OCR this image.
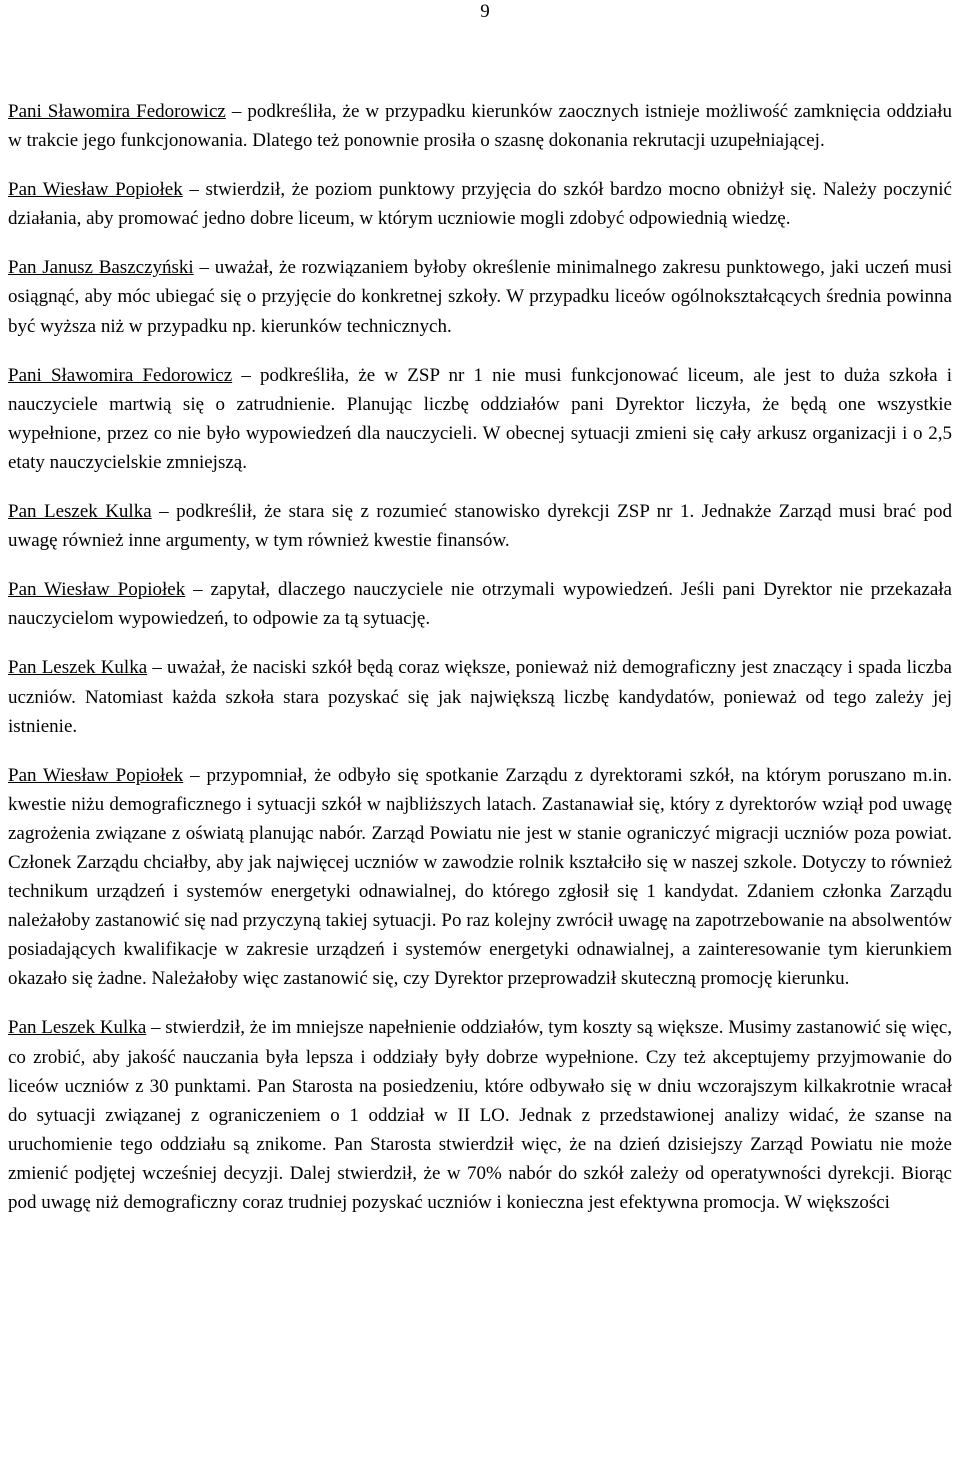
9

Pani Sławomira Fedorowicz – podkreśliła, że w przypadku kierunków zaocznych istnieje możliwość zamknięcia oddziału w trakcie jego funkcjonowania. Dlatego też ponownie prosiła o szasnę dokonania rekrutacji uzupełniającej.

Pan Wiesław Popiołek – stwierdził, że poziom punktowy przyjęcia do szkół bardzo mocno obniżył się. Należy poczynić działania, aby promować jedno dobre liceum, w którym uczniowie mogli zdobyć odpowiednią wiedzę.

Pan Janusz Baszczyński – uważał, że rozwiązaniem byłoby określenie minimalnego zakresu punktowego, jaki uczeń musi osiągnąć, aby móc ubiegać się o przyjęcie do konkretnej szkoły. W przypadku liceów ogólnokształcących średnia powinna być wyższa niż w przypadku np. kierunków technicznych.

Pani Sławomira Fedorowicz – podkreśliła, że w ZSP nr 1 nie musi funkcjonować liceum, ale jest to duża szkoła i nauczyciele martwią się o zatrudnienie. Planując liczbę oddziałów pani Dyrektor liczyła, że będą one wszystkie wypełnione, przez co nie było wypowiedzeń dla nauczycieli. W obecnej sytuacji zmieni się cały arkusz organizacji i o 2,5 etaty nauczycielskie zmniejszą.

Pan Leszek Kulka – podkreślił, że stara się z rozumieć stanowisko dyrekcji ZSP nr 1. Jednakże Zarząd musi brać pod uwagę również inne argumenty, w tym również kwestie finansów.

Pan Wiesław Popiołek – zapytał, dlaczego nauczyciele nie otrzymali wypowiedzeń. Jeśli pani Dyrektor nie przekazała nauczycielom wypowiedzeń, to odpowie za tą sytuację.

Pan Leszek Kulka – uważał, że naciski szkół będą coraz większe, ponieważ niż demograficzny jest znaczący i spada liczba uczniów. Natomiast każda szkoła stara pozyskać się jak największą liczbę kandydatów, ponieważ od tego zależy jej istnienie.

Pan Wiesław Popiołek – przypomniał, że odbyło się spotkanie Zarządu z dyrektorami szkół, na którym poruszano m.in. kwestie niżu demograficznego i sytuacji szkół w najbliższych latach. Zastanawiał się, który z dyrektorów wziął pod uwagę zagrożenia związane z oświatą planując nabór. Zarząd Powiatu nie jest w stanie ograniczyć migracji uczniów poza powiat. Członek Zarządu chciałby, aby jak najwięcej uczniów w zawodzie rolnik kształciło się w naszej szkole. Dotyczy to również technikum urządzeń i systemów energetyki odnawialnej, do którego zgłosił się 1 kandydat. Zdaniem członka Zarządu należałoby zastanowić się nad przyczyną takiej sytuacji. Po raz kolejny zwrócił uwagę na zapotrzebowanie na absolwentów posiadających kwalifikacje w zakresie urządzeń i systemów energetyki odnawialnej, a zainteresowanie tym kierunkiem okazało się żadne. Należałoby więc zastanowić się, czy Dyrektor przeprowadził skuteczną promocję kierunku.

Pan Leszek Kulka – stwierdził, że im mniejsze napełnienie oddziałów, tym koszty są większe. Musimy zastanowić się więc, co zrobić, aby jakość nauczania była lepsza i oddziały były dobrze wypełnione. Czy też akceptujemy przyjmowanie do liceów uczniów z 30 punktami. Pan Starosta na posiedzeniu, które odbywało się w dniu wczorajszym kilkakrotnie wracał do sytuacji związanej z ograniczeniem o 1 oddział w II LO. Jednak z przedstawionej analizy widać, że szanse na uruchomienie tego oddziału są znikome. Pan Starosta stwierdził więc, że na dzień dzisiejszy Zarząd Powiatu nie może zmienić podjętej wcześniej decyzji. Dalej stwierdził, że w 70% nabór do szkół zależy od operatywności dyrekcji. Biorąc pod uwagę niż demograficzny coraz trudniej pozyskać uczniów i konieczna jest efektywna promocja. W większości
